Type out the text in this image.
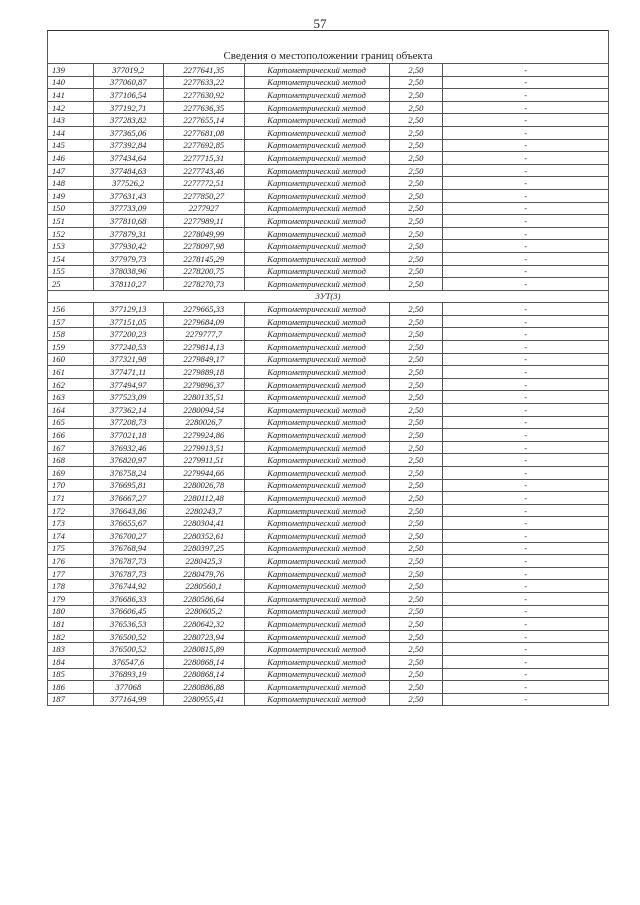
57
Сведения о местоположении границ объекта					
139	377019,2	2277641,35	Картометрический метод	2,50	-
140	377060,87	2277633,22	Картометрический метод	2,50	-
141	377106,54	2277630,92	Картометрический метод	2,50	-
142	377192,71	2277636,35	Картометрический метод	2,50	-
143	377283,82	2277655,14	Картометрический метод	2,50	-
144	377365,06	2277681,08	Картометрический метод	2,50	-
145	377392,84	2277692,85	Картометрический метод	2,50	-
146	377434,64	2277715,31	Картометрический метод	2,50	-
147	377484,63	2277743,46	Картометрический метод	2,50	-
148	377526,2	2277772,51	Картометрический метод	2,50	-
149	377631,43	2277850,27	Картометрический метод	2,50	-
150	377733,09	2277927	Картометрический метод	2,50	-
151	377810,68	2277989,11	Картометрический метод	2,50	-
152	377879,31	2278049,99	Картометрический метод	2,50	-
153	377930,42	2278097,98	Картометрический метод	2,50	-
154	377979,73	2278145,29	Картометрический метод	2,50	-
155	378038,96	2278200,75	Картометрический метод	2,50	-
25	378110,27	2278270,73	Картометрический метод	2,50	-
3УТ(3)					
156	377129,13	2279665,33	Картометрический метод	2,50	-
157	377151,05	2279684,09	Картометрический метод	2,50	-
158	377200,23	2279777,7	Картометрический метод	2,50	-
159	377240,53	2279814,13	Картометрический метод	2,50	-
160	377321,98	2279849,17	Картометрический метод	2,50	-
161	377471,11	2279889,18	Картометрический метод	2,50	-
162	377494,97	2279896,37	Картометрический метод	2,50	-
163	377523,09	2280135,51	Картометрический метод	2,50	-
164	377362,14	2280094,54	Картометрический метод	2,50	-
165	377208,73	2280026,7	Картометрический метод	2,50	-
166	377021,18	2279924,86	Картометрический метод	2,50	-
167	376932,46	2279913,51	Картометрический метод	2,50	-
168	376820,97	2279911,51	Картометрический метод	2,50	-
169	376758,24	2279944,66	Картометрический метод	2,50	-
170	376695,81	2280026,78	Картометрический метод	2,50	-
171	376667,27	2280112,48	Картометрический метод	2,50	-
172	376643,86	2280243,7	Картометрический метод	2,50	-
173	376655,67	2280304,41	Картометрический метод	2,50	-
174	376700,27	2280352,61	Картометрический метод	2,50	-
175	376768,94	2280397,25	Картометрический метод	2,50	-
176	376787,73	2280425,3	Картометрический метод	2,50	-
177	376787,73	2280479,76	Картометрический метод	2,50	-
178	376744,92	2280560,1	Картометрический метод	2,50	-
179	376686,33	2280586,64	Картометрический метод	2,50	-
180	376606,45	2280605,2	Картометрический метод	2,50	-
181	376536,53	2280642,32	Картометрический метод	2,50	-
182	376500,52	2280723,94	Картометрический метод	2,50	-
183	376500,52	2280815,89	Картометрический метод	2,50	-
184	376547,6	2280868,14	Картометрический метод	2,50	-
185	376893,19	2280868,14	Картометрический метод	2,50	-
186	377068	2280886,88	Картометрический метод	2,50	-
187	377164,99	2280955,41	Картометрический метод	2,50	-
